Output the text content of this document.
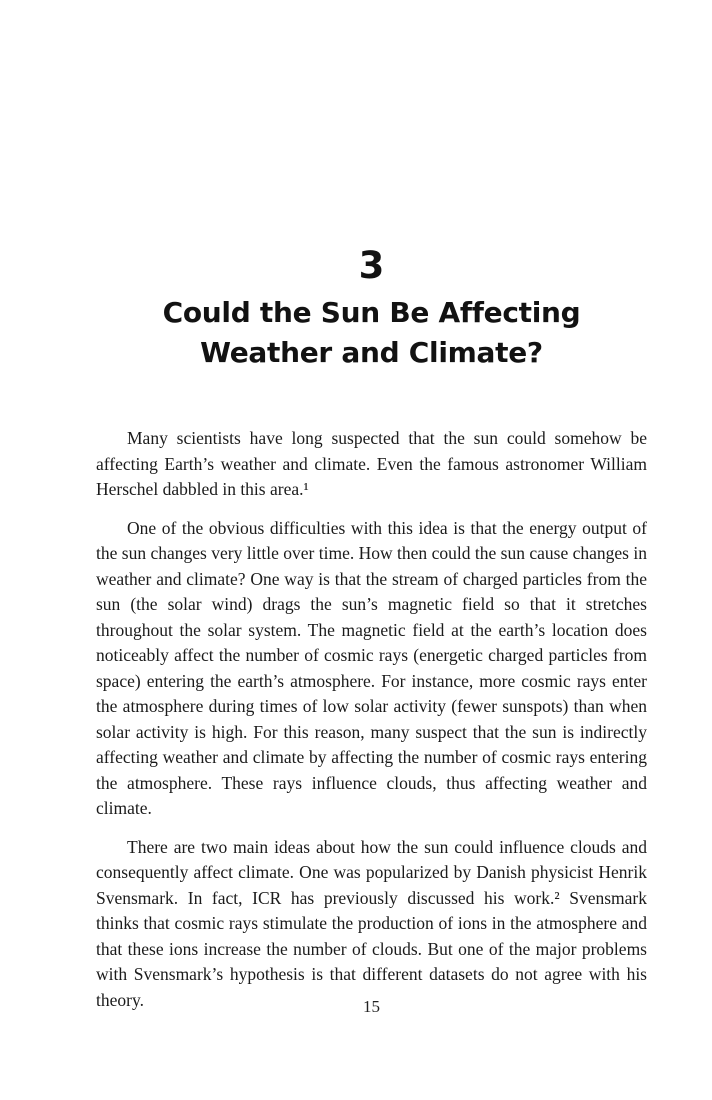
3
Could the Sun Be Affecting
Weather and Climate?

Many scientists have long suspected that the sun could somehow be affecting Earth’s weather and climate. Even the famous astronomer William Herschel dabbled in this area.¹

One of the obvious difficulties with this idea is that the energy output of the sun changes very little over time. How then could the sun cause changes in weather and climate? One way is that the stream of charged particles from the sun (the solar wind) drags the sun’s magnetic field so that it stretches throughout the solar system. The magnetic field at the earth’s location does noticeably affect the number of cosmic rays (energetic charged particles from space) entering the earth’s atmosphere. For instance, more cosmic rays enter the atmosphere during times of low solar activity (fewer sunspots) than when solar activity is high. For this reason, many suspect that the sun is indirectly affecting weather and climate by affecting the number of cosmic rays entering the atmosphere. These rays influence clouds, thus affecting weather and climate.

There are two main ideas about how the sun could influence clouds and consequently affect climate. One was popularized by Danish physicist Henrik Svensmark. In fact, ICR has previously discussed his work.² Svensmark thinks that cosmic rays stimulate the production of ions in the atmosphere and that these ions increase the number of clouds. But one of the major problems with Svensmark’s hypothesis is that different datasets do not agree with his theory.	15
